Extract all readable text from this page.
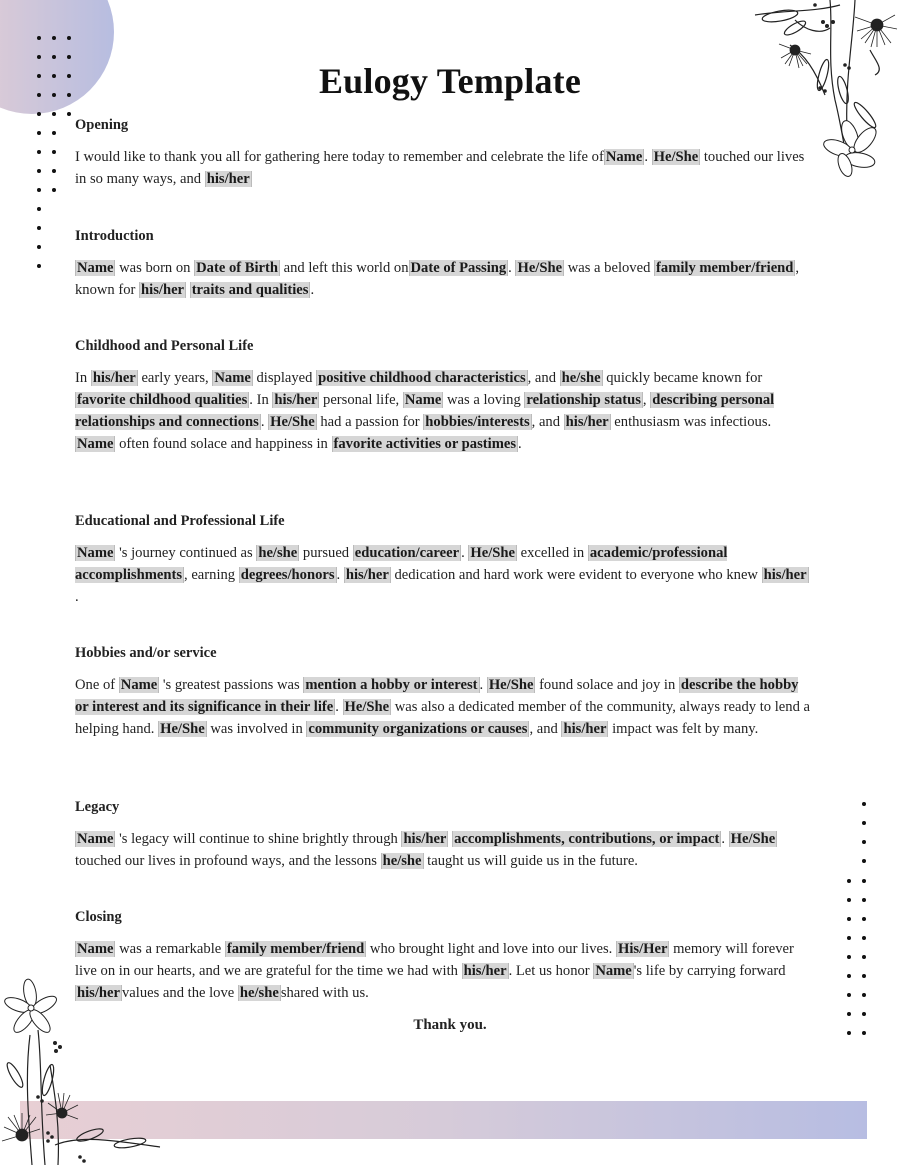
Eulogy Template
Opening
I would like to thank you all for gathering here today to remember and celebrate the life of Name . He/She touched our lives in so many ways, and his/her
Introduction
Name was born on Date of Birth and left this world on Date of Passing . He/She was a beloved family member/friend , known for his/her traits and qualities .
Childhood and Personal Life
In his/her early years, Name displayed positive childhood characteristics , and he/she quickly became known for favorite childhood qualities . In his/her personal life, Name was a loving relationship status , describing personal relationships and connections . He/She had a passion for hobbies/interests , and his/her enthusiasm was infectious. Name often found solace and happiness in favorite activities or pastimes .
Educational and Professional Life
Name 's journey continued as he/she pursued education/career . He/She excelled in academic/professional accomplishments , earning degrees/honors . his/her dedication and hard work were evident to everyone who knew his/her .
Hobbies and/or service
One of Name 's greatest passions was mention a hobby or interest . He/She found solace and joy in describe the hobby or interest and its significance in their life . He/She was also a dedicated member of the community, always ready to lend a helping hand. He/She was involved in community organizations or causes , and his/her impact was felt by many.
Legacy
Name 's legacy will continue to shine brightly through his/her accomplishments, contributions, or impact . He/She touched our lives in profound ways, and the lessons he/she taught us will guide us in the future.
Closing
Name was a remarkable family member/friend who brought light and love into our lives. His/Her memory will forever live on in our hearts, and we are grateful for the time we had with his/her . Let us honor Name 's life by carrying forward his/her values and the love he/she shared with us.
Thank you.
